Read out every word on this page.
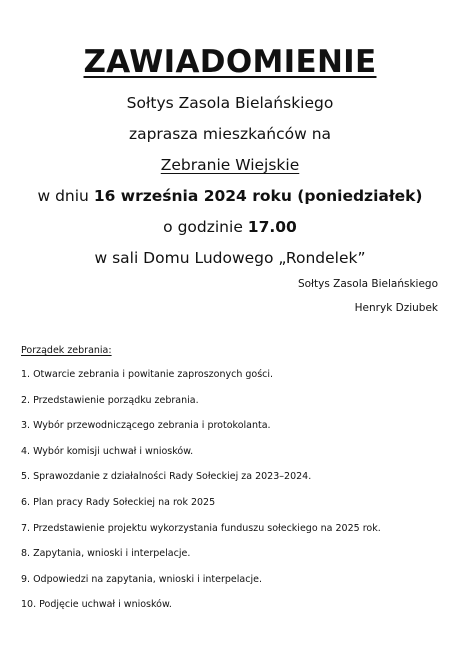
ZAWIADOMIENIE
Sołtys Zasola Bielańskiego
zaprasza mieszkańców na
Zebranie Wiejskie
w dniu 16 września 2024 roku (poniedziałek)
o godzinie 17.00
w sali Domu Ludowego „Rondelek”
Sołtys Zasola Bielańskiego
Henryk Dziubek
Porządek zebrania:
1. Otwarcie zebrania i powitanie zaproszonych gości.
2. Przedstawienie porządku zebrania.
3. Wybór przewodniczącego zebrania i protokolanta.
4. Wybór komisji uchwał i wniosków.
5. Sprawozdanie z działalności Rady Sołeckiej za 2023–2024.
6. Plan pracy Rady Sołeckiej na rok 2025
7. Przedstawienie projektu wykorzystania funduszu sołeckiego na 2025 rok.
8. Zapytania, wnioski i interpelacje.
9. Odpowiedzi na zapytania, wnioski i interpelacje.
10. Podjęcie uchwał i wniosków.
